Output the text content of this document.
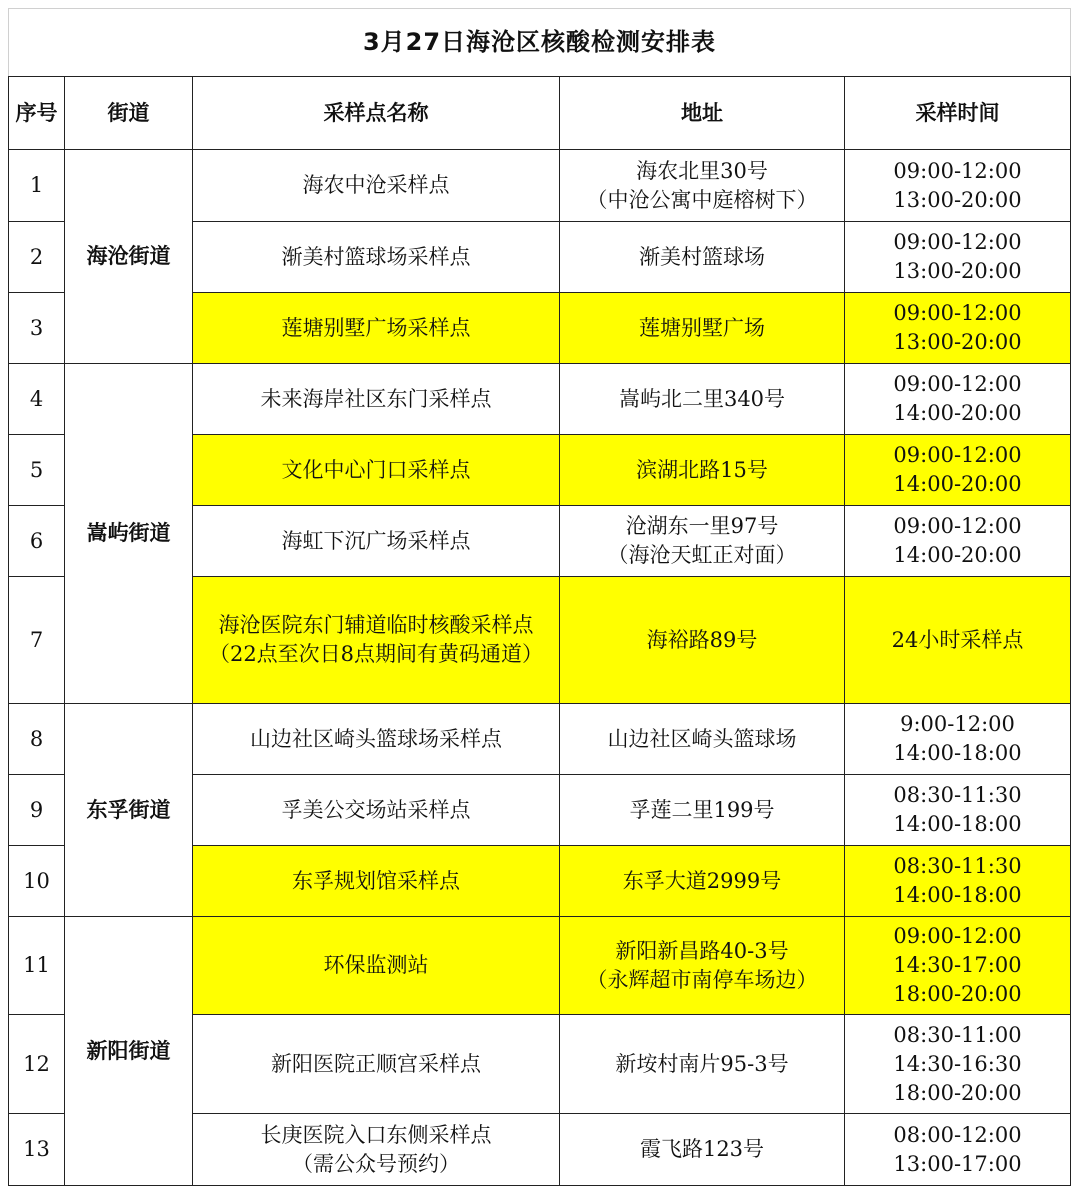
3月27日海沧区核酸检测安排表				
序号	街道	采样点名称	地址	采样时间
1	海沧街道	海农中沧采样点	海农北里30号
（中沧公寓中庭榕树下）	09:00-12:00
13:00-20:00

2		渐美村篮球场采样点	渐美村篮球场	09:00-12:00
13:00-20:00

3		莲塘别墅广场采样点	莲塘别墅广场	09:00-12:00
13:00-20:00

4	嵩屿街道	未来海岸社区东门采样点	嵩屿北二里340号	09:00-12:00
14:00-20:00

5		文化中心门口采样点	滨湖北路15号	09:00-12:00
14:00-20:00

6		海虹下沉广场采样点	沧湖东一里97号
（海沧天虹正对面）	09:00-12:00
14:00-20:00

7		海沧医院东门辅道临时核酸采样点
（22点至次日8点期间有黄码通道）	海裕路89号	24小时采样点

8	东孚街道	山边社区崎头篮球场采样点	山边社区崎头篮球场	9:00-12:00
14:00-18:00

9		孚美公交场站采样点	孚莲二里199号	08:30-11:30
14:00-18:00

10		东孚规划馆采样点	东孚大道2999号	08:30-11:30
14:00-18:00

11	新阳街道	环保监测站	新阳新昌路40-3号
（永辉超市南停车场边）	09:00-12:00
14:30-17:00
18:00-20:00

12		新阳医院正顺宫采样点	新垵村南片95-3号	08:30-11:00
14:30-16:30
18:00-20:00

13		长庚医院入口东侧采样点
（需公众号预约）	霞飞路123号	08:00-12:00
13:00-17:00
